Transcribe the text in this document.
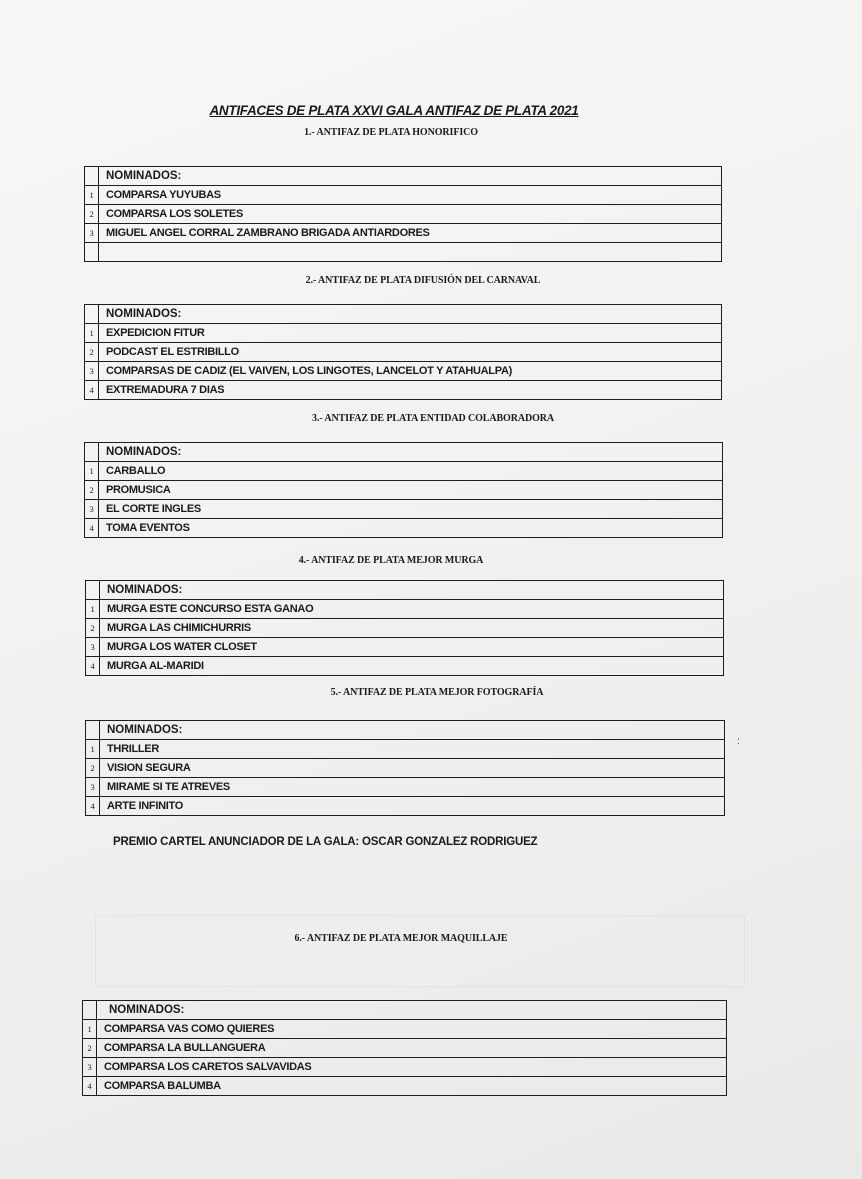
ANTIFACES DE PLATA XXVI GALA ANTIFAZ DE PLATA 2021
1.- ANTIFAZ DE PLATA HONORIFICO
	NOMINADOS:
1	COMPARSA YUYUBAS
2	COMPARSA LOS SOLETES
3	MIGUEL ANGEL CORRAL ZAMBRANO BRIGADA ANTIARDORES

2.- ANTIFAZ DE PLATA DIFUSIÓN DEL CARNAVAL
	NOMINADOS:
1	EXPEDICION FITUR
2	PODCAST EL ESTRIBILLO
3	COMPARSAS DE CADIZ (EL VAIVEN, LOS LINGOTES, LANCELOT Y ATAHUALPA)
4	EXTREMADURA 7 DIAS
3.- ANTIFAZ DE PLATA ENTIDAD COLABORADORA
	NOMINADOS:
1	CARBALLO
2	PROMUSICA
3	EL CORTE INGLES
4	TOMA EVENTOS
4.- ANTIFAZ DE PLATA MEJOR MURGA
	NOMINADOS:
1	MURGA ESTE CONCURSO ESTA GANAO
2	MURGA LAS CHIMICHURRIS
3	MURGA LOS WATER CLOSET
4	MURGA AL-MARIDI
5.- ANTIFAZ DE PLATA MEJOR FOTOGRAFÍA
	NOMINADOS:
1	THRILLER
2	VISION SEGURA
3	MIRAME SI TE ATREVES
4	ARTE INFINITO
:
PREMIO CARTEL ANUNCIADOR DE LA GALA: OSCAR GONZALEZ RODRIGUEZ
6.- ANTIFAZ DE PLATA MEJOR MAQUILLAJE
	NOMINADOS:
1	COMPARSA VAS COMO QUIERES
2	COMPARSA LA BULLANGUERA
3	COMPARSA LOS CARETOS SALVAVIDAS
4	COMPARSA BALUMBA
